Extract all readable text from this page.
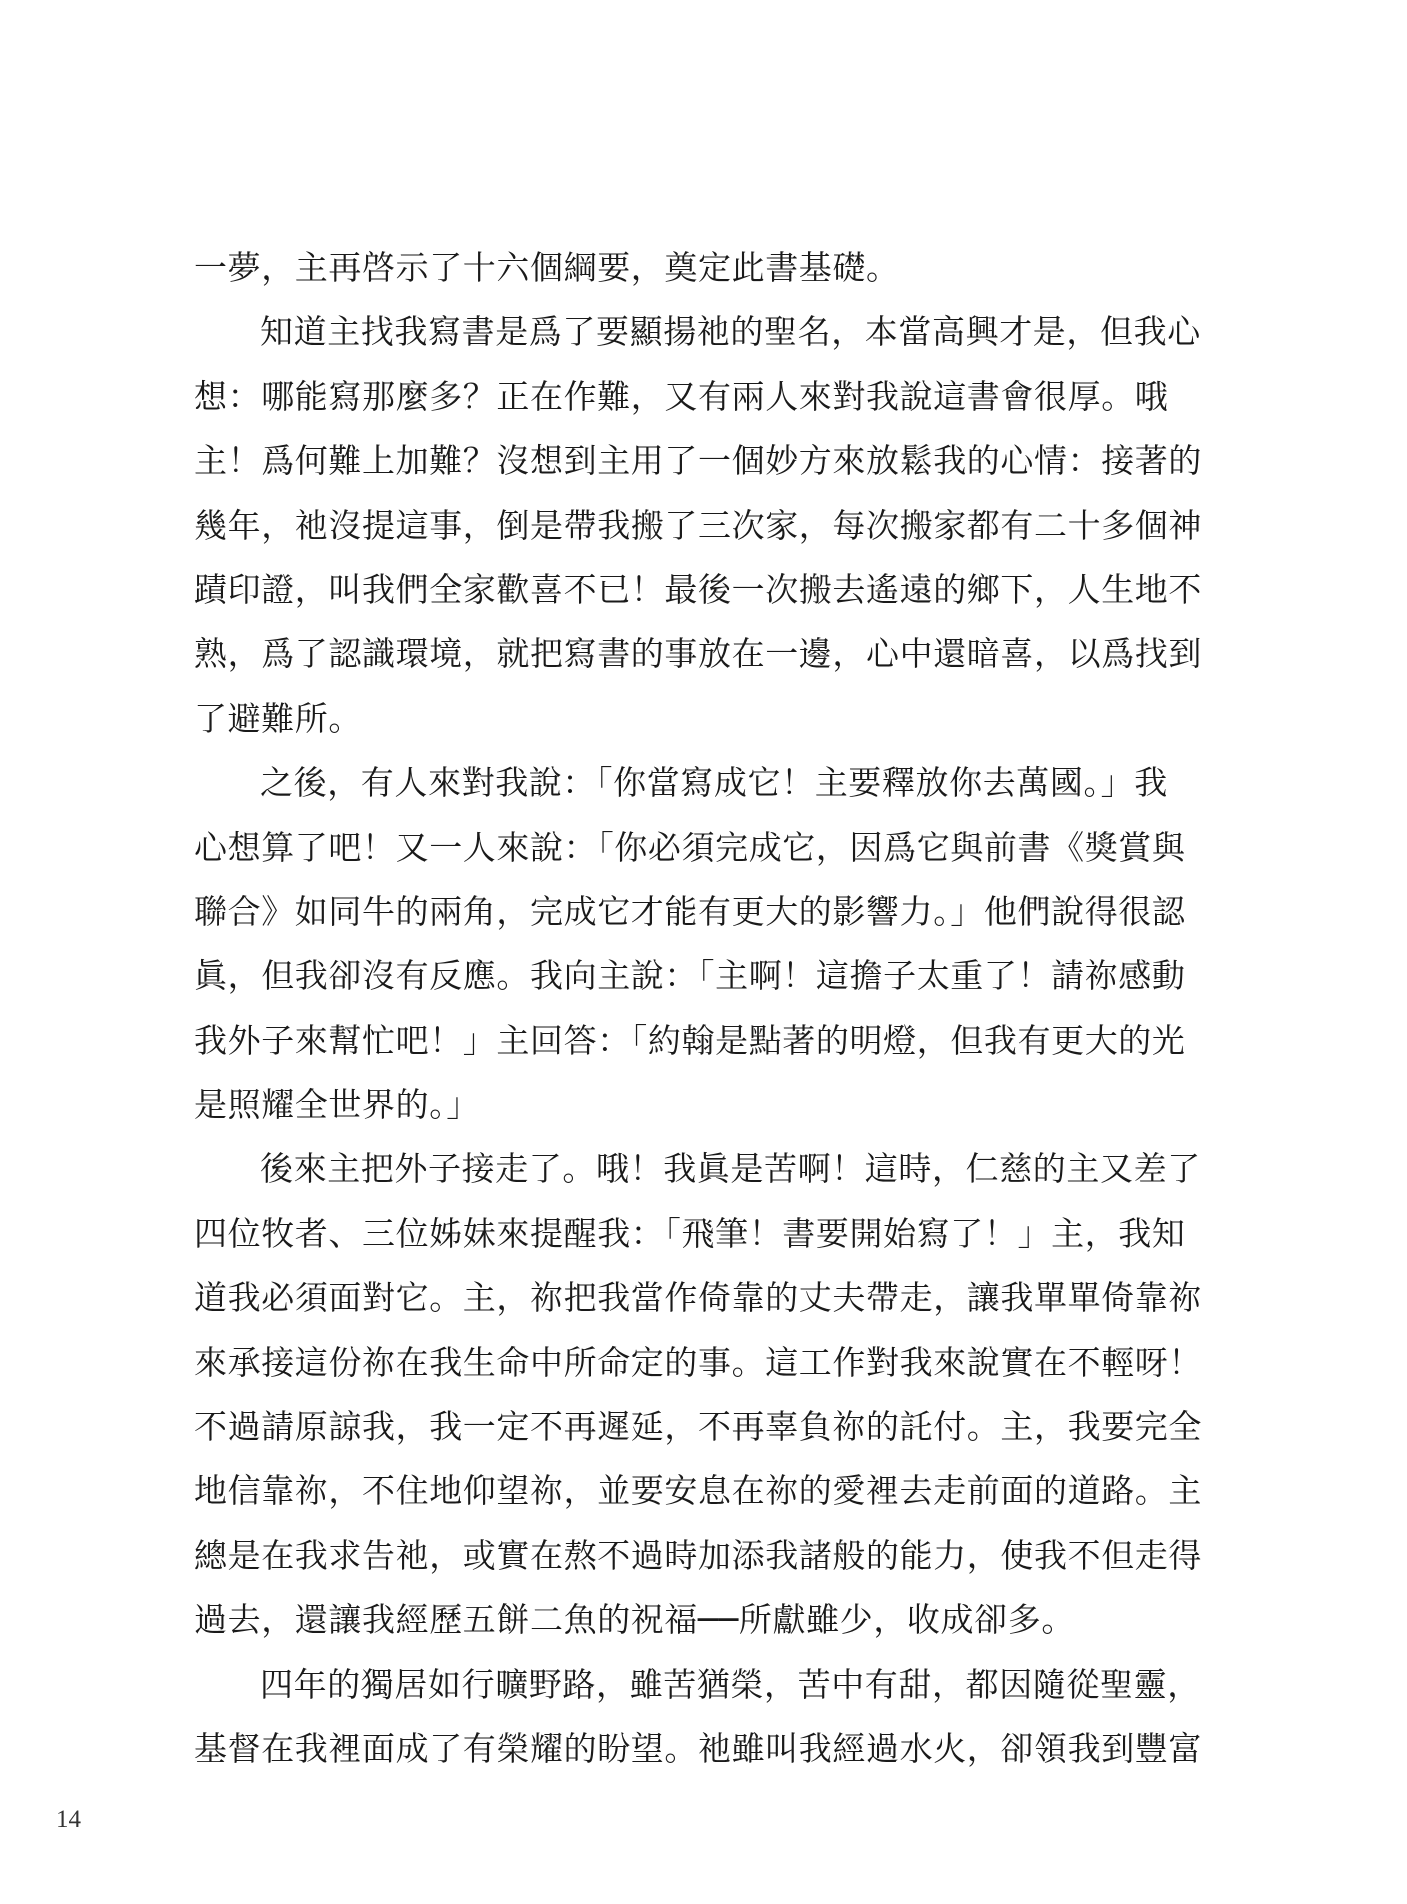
一夢，主再啓示了十六個綱要，奠定此書基礎。
知道主找我寫書是爲了要顯揚祂的聖名，本當高興才是，但我心
想：哪能寫那麼多？正在作難，又有兩人來對我說這書會很厚。哦
主！爲何難上加難？沒想到主用了一個妙方來放鬆我的心情：接著的
幾年，祂沒提這事，倒是帶我搬了三次家，每次搬家都有二十多個神
蹟印證，叫我們全家歡喜不已！最後一次搬去遙遠的鄉下，人生地不
熟，爲了認識環境，就把寫書的事放在一邊，心中還暗喜，以爲找到
了避難所。
之後，有人來對我說：「你當寫成它！主要釋放你去萬國。」我
心想算了吧！又一人來說：「你必須完成它，因爲它與前書《獎賞與
聯合》如同牛的兩角，完成它才能有更大的影響力。」他們說得很認
眞，但我卻沒有反應。我向主說：「主啊！這擔子太重了！請祢感動
我外子來幫忙吧！」主回答：「約翰是點著的明燈，但我有更大的光
是照耀全世界的。」
後來主把外子接走了。哦！我眞是苦啊！這時，仁慈的主又差了
四位牧者、三位姊妹來提醒我：「飛筆！書要開始寫了！」主，我知
道我必須面對它。主，祢把我當作倚靠的丈夫帶走，讓我單單倚靠祢
來承接這份祢在我生命中所命定的事。這工作對我來說實在不輕呀！
不過請原諒我，我一定不再遲延，不再辜負祢的託付。主，我要完全
地信靠祢，不住地仰望祢，並要安息在祢的愛裡去走前面的道路。主
總是在我求告祂，或實在熬不過時加添我諸般的能力，使我不但走得
過去，還讓我經歷五餅二魚的祝福──所獻雖少，收成卻多。
四年的獨居如行曠野路，雖苦猶榮，苦中有甜，都因隨從聖靈，
基督在我裡面成了有榮耀的盼望。祂雖叫我經過水火，卻領我到豐富
14
